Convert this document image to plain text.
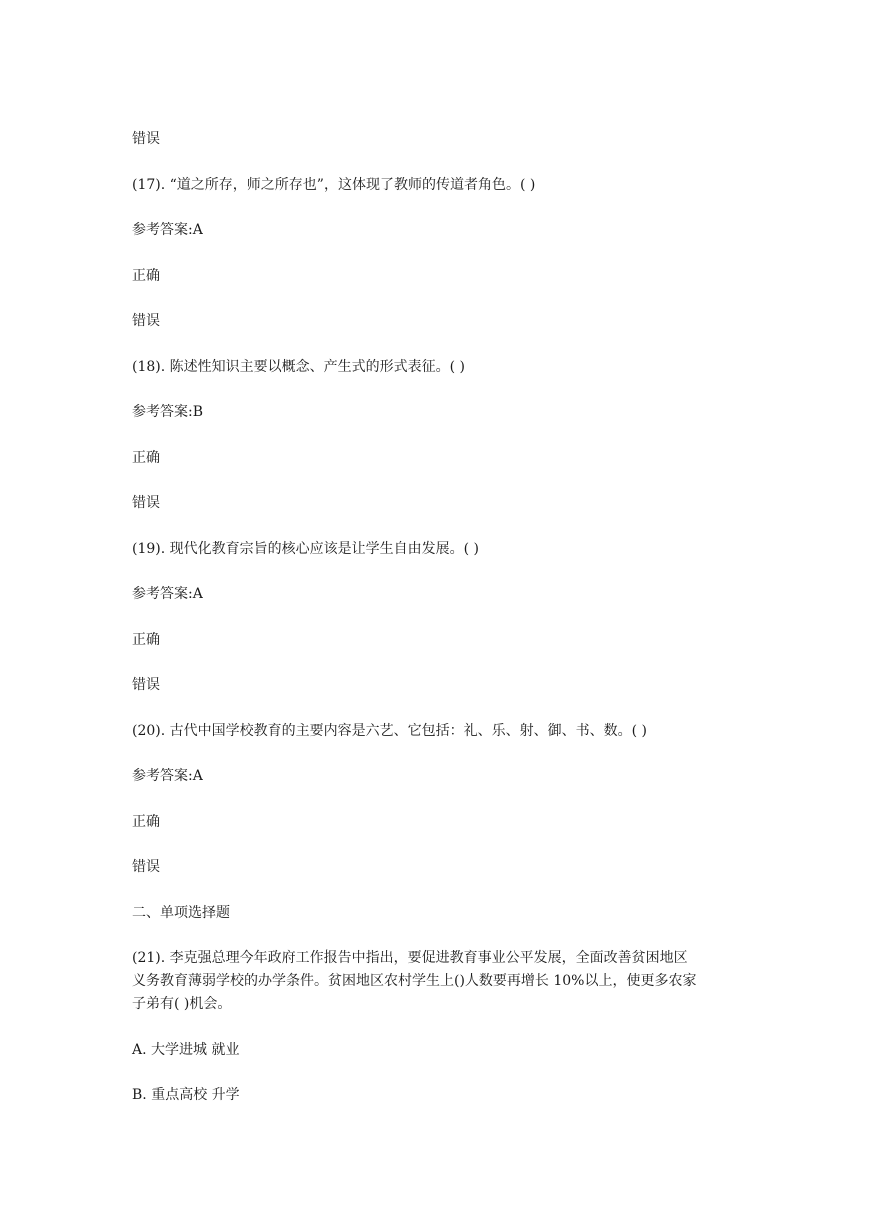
错误
(17). “道之所存，师之所存也”，这体现了教师的传道者角色。( )
参考答案:A
正确
错误
(18). 陈述性知识主要以概念、产生式的形式表征。( )
参考答案:B
正确
错误
(19). 现代化教育宗旨的核心应该是让学生自由发展。( )
参考答案:A
正确
错误
(20). 古代中国学校教育的主要内容是六艺、它包括：礼、乐、射、御、书、数。( )
参考答案:A
正确
错误
二、单项选择题
(21). 李克强总理今年政府工作报告中指出，要促进教育事业公平发展，全面改善贫困地区
义务教育薄弱学校的办学条件。贫困地区农村学生上()人数要再增长 10%以上，使更多农家
子弟有( )机会。
A. 大学进城 就业
B. 重点高校 升学
